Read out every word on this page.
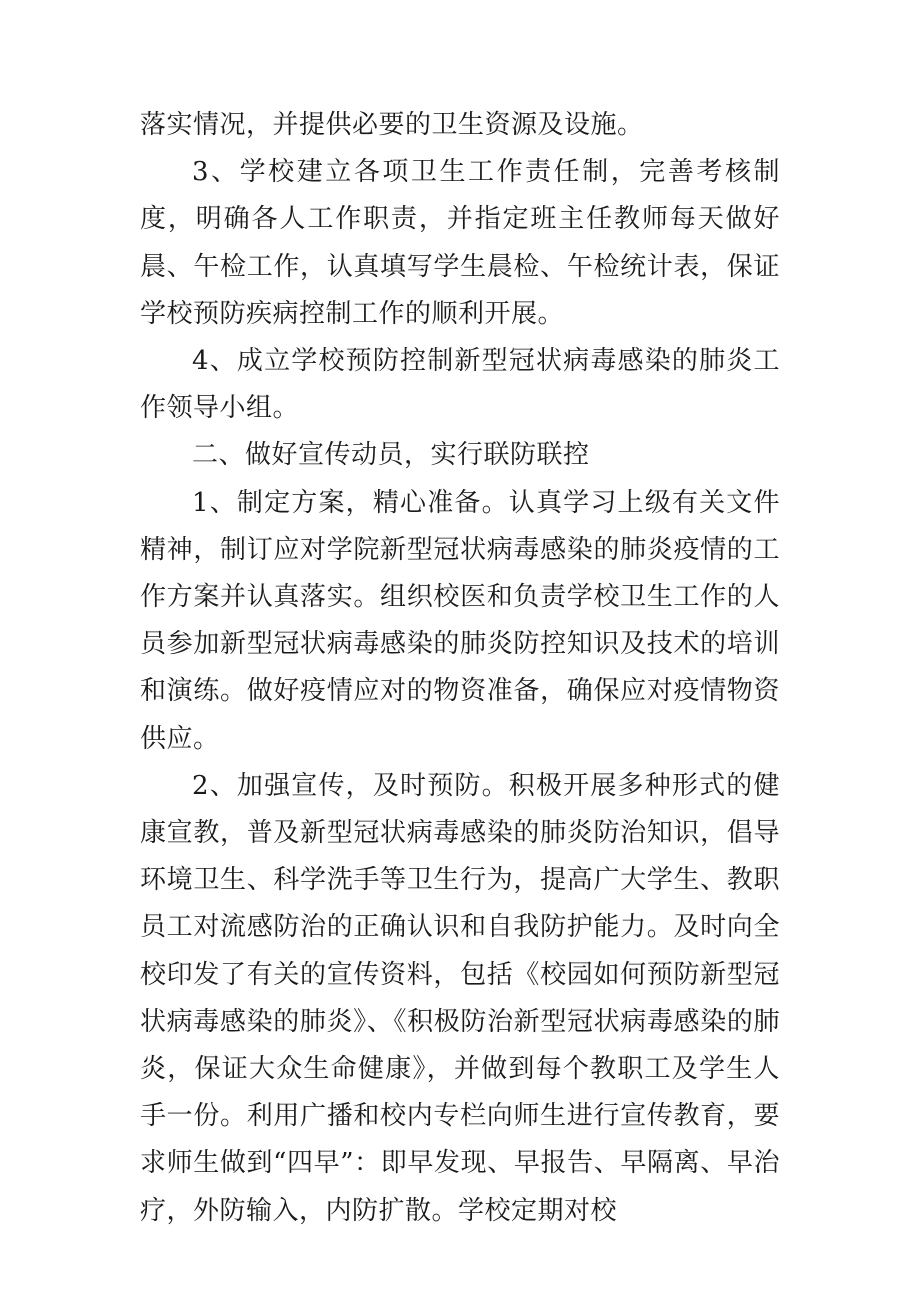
落实情况，并提供必要的卫生资源及设施。

3、学校建立各项卫生工作责任制，完善考核制度，明确各人工作职责，并指定班主任教师每天做好晨、午检工作，认真填写学生晨检、午检统计表，保证学校预防疾病控制工作的顺利开展。

4、成立学校预防控制新型冠状病毒感染的肺炎工作领导小组。

二、做好宣传动员，实行联防联控

1、制定方案，精心准备。认真学习上级有关文件精神，制订应对学院新型冠状病毒感染的肺炎疫情的工作方案并认真落实。组织校医和负责学校卫生工作的人员参加新型冠状病毒感染的肺炎防控知识及技术的培训和演练。做好疫情应对的物资准备，确保应对疫情物资供应。

2、加强宣传，及时预防。积极开展多种形式的健康宣教，普及新型冠状病毒感染的肺炎防治知识，倡导环境卫生、科学洗手等卫生行为，提高广大学生、教职员工对流感防治的正确认识和自我防护能力。及时向全校印发了有关的宣传资料，包括《校园如何预防新型冠状病毒感染的肺炎》、《积极防治新型冠状病毒感染的肺炎，保证大众生命健康》，并做到每个教职工及学生人手一份。利用广播和校内专栏向师生进行宣传教育，要求师生做到“四早”：即早发现、早报告、早隔离、早治疗，外防输入，内防扩散。学校定期对校
